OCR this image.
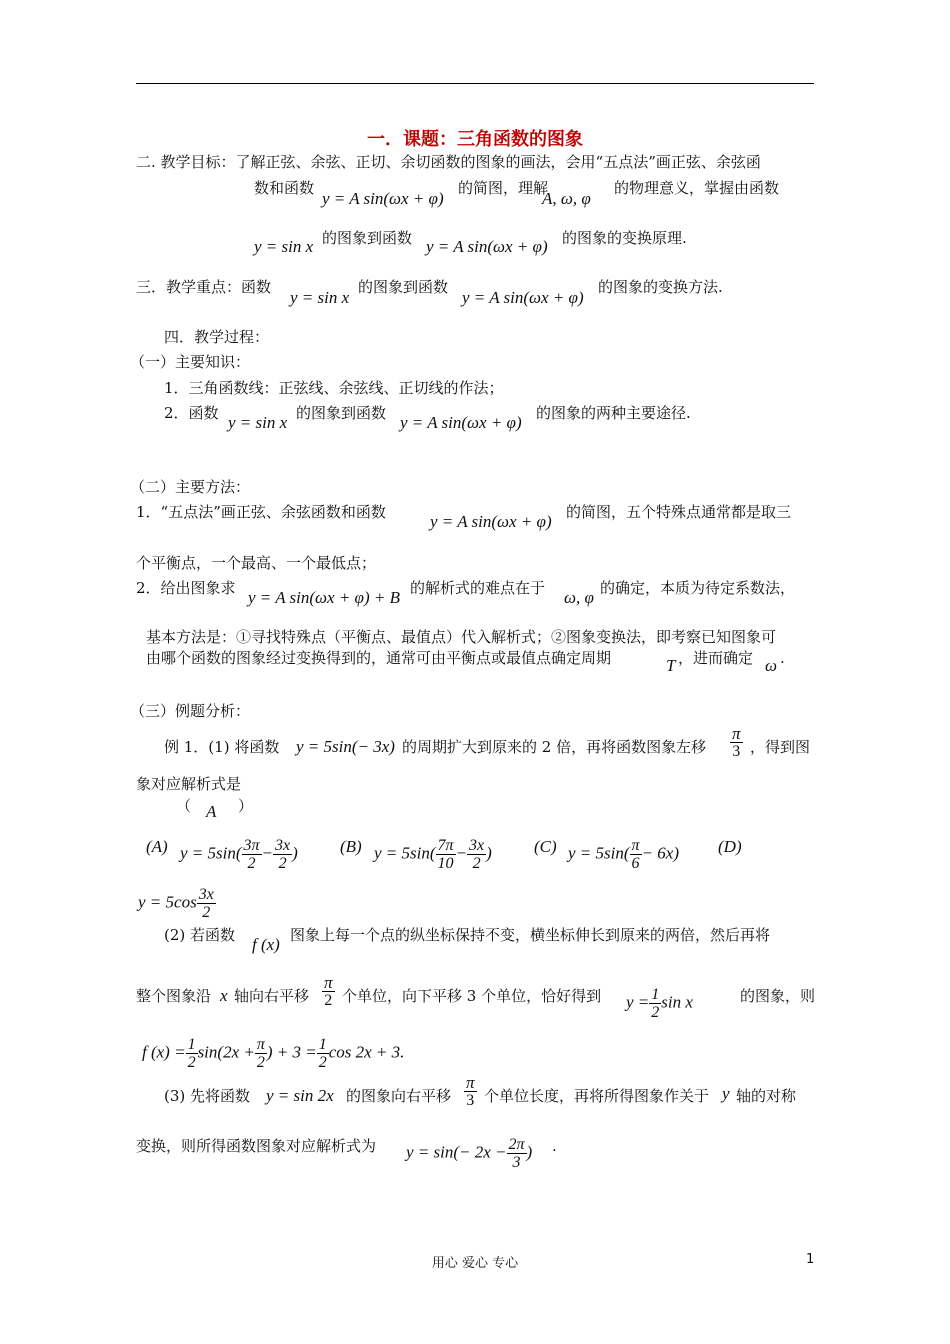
一．课题：三角函数的图象
二. 教学目标：了解正弦、余弦、正切、余切函数的图象的画法，会用“五点法”画正弦、余弦函
数和函数
y = A sin(ωx + φ)
的简图，理解
A, ω, φ
的物理意义，掌握由函数
y = sin x 的图象到函数 y = A sin(ωx + φ) 的图象的变换原理.
三．教学重点：函数
y = sin x
的图象到函数
y = A sin(ωx + φ)
的图象的变换方法.
四．教学过程：
（一）主要知识：
1．三角函数线：正弦线、余弦线、正切线的作法；
2．函数 y = sin x 的图象到函数 y = A sin(ωx + φ) 的图象的两种主要途径.
（二）主要方法：
1．“五点法”画正弦、余弦函数和函数	y = A sin(ωx + φ) 的简图，五个特殊点通常都是取三
个平衡点，一个最高、一个最低点；
2．给出图象求 y = A sin(ωx + φ) + B 的解析式的难点在于 ω, φ 的确定，本质为待定系数法，
基本方法是：①寻找特殊点（平衡点、最值点）代入解析式；②图象变换法，即考察已知图象可
由哪个函数的图象经过变换得到的，通常可由平衡点或最值点确定周期	T ，进而确定 ω .
（三）例题分析：
例 1．(1) 将函数 y = 5sin(− 3x) 的周期扩大到原来的 2 倍，再将函数图象左移 $\frac{\pi}{3}$ ，得到图
象对应解析式是
（ A ）
(A) $y = 5\sin( \frac{3\pi}{2} - \frac{3x}{2}$ ) (B) $y = 5\sin( \frac{7\pi}{10} - \frac{3x}{2}$ ) (C) $y = 5\sin( \frac{\pi}{6} - 6x)$ (D)
$y = 5\cos \frac{3x}{2}$
(2) 若函数 f (x) 图象上每一个点的纵坐标保持不变，横坐标伸长到原来的两倍，然后再将
整个图象沿 x 轴向右平移 $\frac{\pi}{2}$ 个单位，向下平移 3 个单位，恰好得到 $y = \frac{1}{2}$ sin x	的图象，则
f $(x) = \frac{1}{2} \sin(2x + \frac{\pi}{2}$ ) + $3 = \frac{1}{2}$ cos 2x + 3.
(3) 先将函数 y = sin 2x 的图象向右平移 $\frac{\pi}{3}$ 个单位长度，再将所得图象作关于 y 轴的对称
变换，则所得函数图象对应解析式为 $y = \sin(- 2x - \frac{2\pi}{3}$ ) .
用心 爱心 专心	1
